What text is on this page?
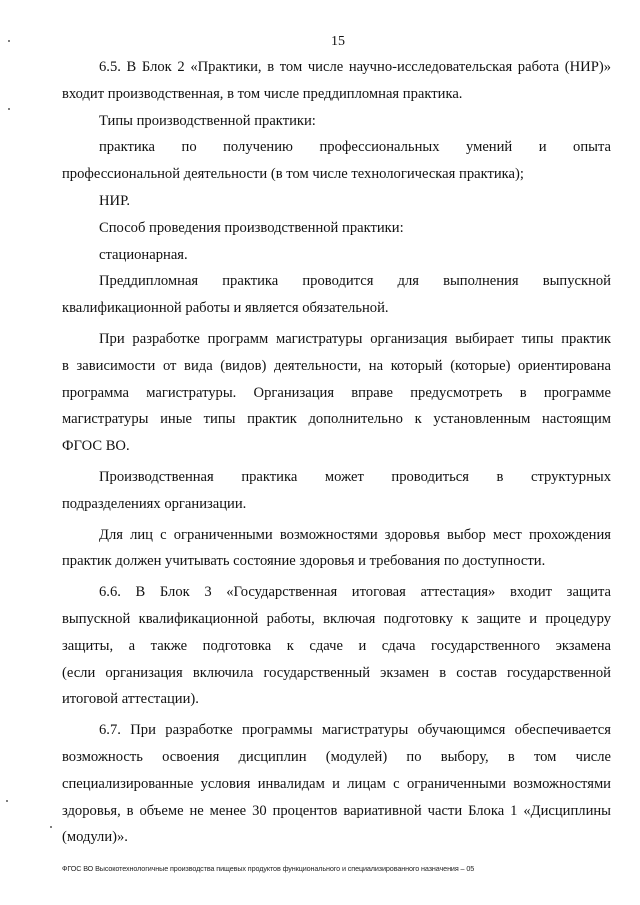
15

6.5. В Блок 2 «Практики, в том числе научно-исследовательская работа (НИР)»

входит производственная, в том числе преддипломная практика.

Типы производственной практики:

практика по получению профессиональных умений и опыта

профессиональной деятельности (в том числе технологическая практика);

НИР.

Способ проведения производственной практики:

стационарная.

Преддипломная практика проводится для выполнения выпускной

квалификационной работы и является обязательной.

При разработке программ магистратуры организация выбирает типы практик

в зависимости от вида (видов) деятельности, на который (которые) ориентирована

программа магистратуры. Организация вправе предусмотреть в программе

магистратуры иные типы практик дополнительно к установленным настоящим

ФГОС ВО.

Производственная практика может проводиться в структурных

подразделениях организации.

Для лиц с ограниченными возможностями здоровья выбор мест прохождения

практик должен учитывать состояние здоровья и требования по доступности.

6.6. В Блок 3 «Государственная итоговая аттестация» входит защита

выпускной квалификационной работы, включая подготовку к защите и процедуру

защиты, а также подготовка к сдаче и сдача государственного экзамена

(если организация включила государственный экзамен в состав государственной

итоговой аттестации).

6.7. При разработке программы магистратуры обучающимся обеспечивается

возможность освоения дисциплин (модулей) по выбору, в том числе

специализированные условия инвалидам и лицам с ограниченными возможностями

здоровья, в объеме не менее 30 процентов вариативной части Блока 1 «Дисциплины

(модули)».

ФГОС ВО Высокотехнологичные производства пищевых продуктов функционального и специализированного назначения – 05
